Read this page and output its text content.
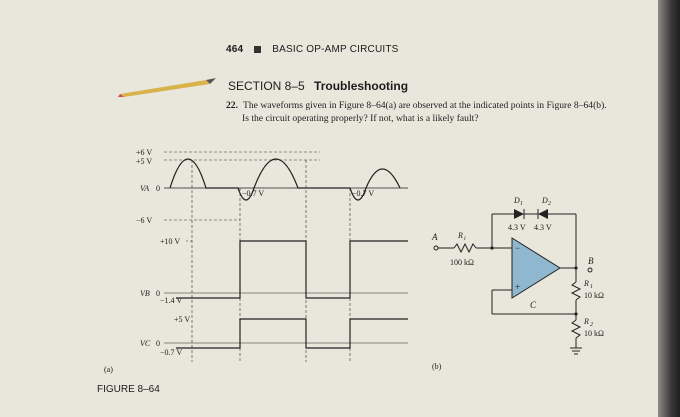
464	BASIC OP-AMP CIRCUITS
SECTION 8–5 Troubleshooting
22. The waveforms given in Figure 8–64(a) are observed at the indicated points in Figure 8–64(b).
Is the circuit operating properly? If not, what is a likely fault?
+6 V
+5 V
VA 0
−6 V
−0.7 V	−0.7 V
+10 V
VB 0
−1.4 V
+5 V
VC 0
−0.7 V
(a)
A	R i
100 kΩ
−
+
D 1 D 2
4.3 V 4.3 V
B
R 1
10 kΩ
C
R 2
10 kΩ
(b)
FIGURE 8–64
